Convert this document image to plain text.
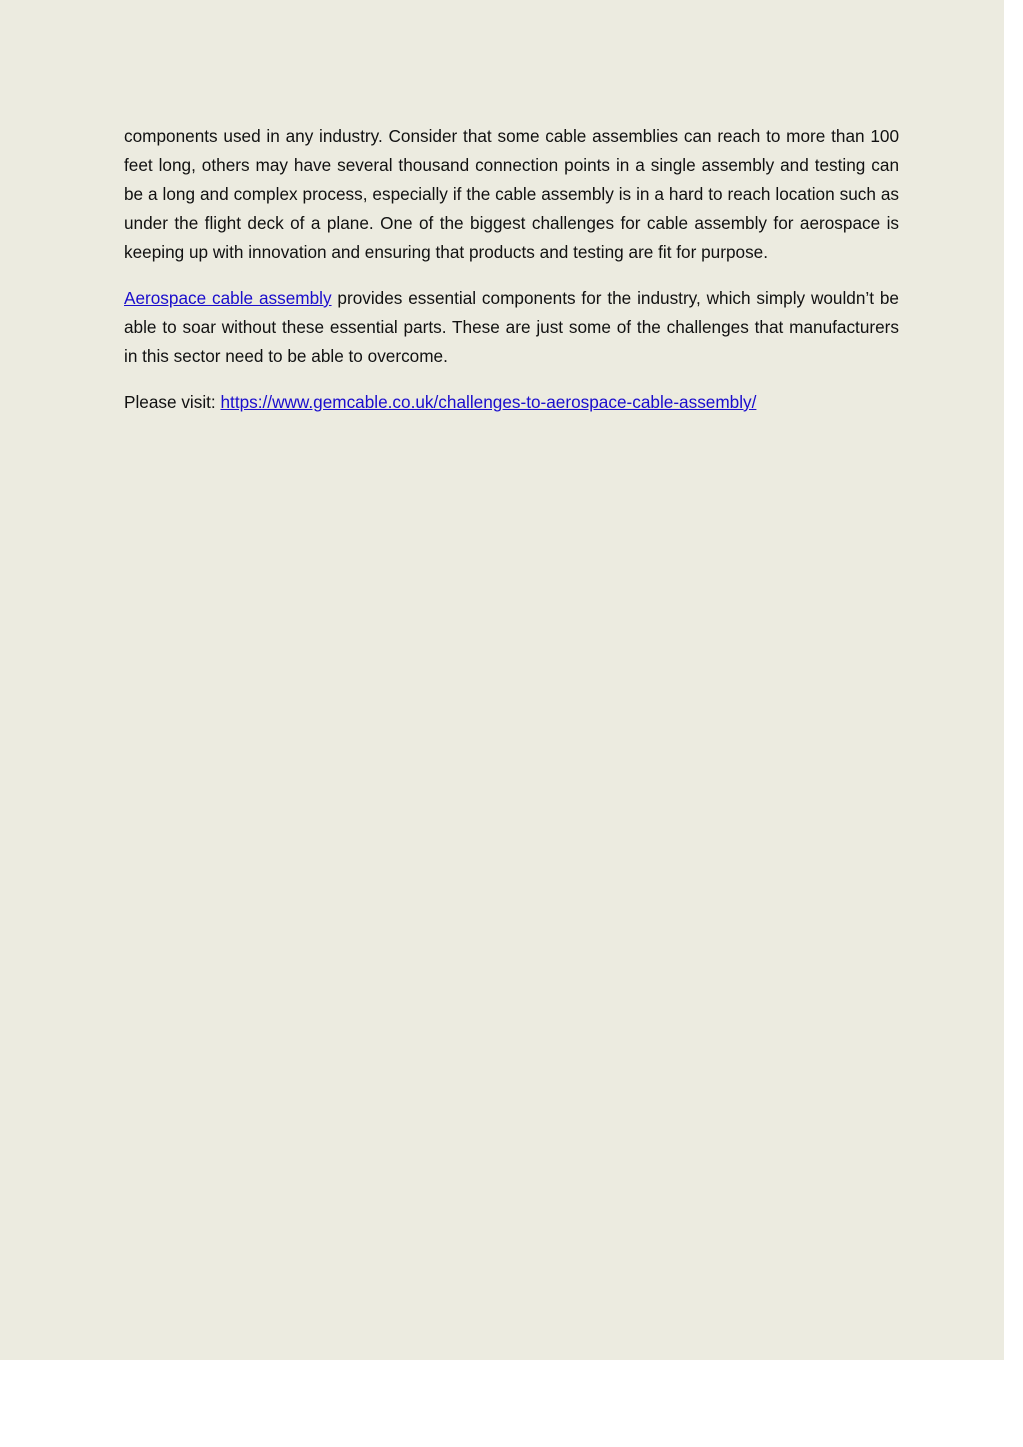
components used in any industry. Consider that some cable assemblies can reach to more than 100 feet long, others may have several thousand connection points in a single assembly and testing can be a long and complex process, especially if the cable assembly is in a hard to reach location such as under the flight deck of a plane. One of the biggest challenges for cable assembly for aerospace is keeping up with innovation and ensuring that products and testing are fit for purpose.

Aerospace cable assembly provides essential components for the industry, which simply wouldn’t be able to soar without these essential parts. These are just some of the challenges that manufacturers in this sector need to be able to overcome.

Please visit: https://www.gemcable.co.uk/challenges-to-aerospace-cable-assembly/
